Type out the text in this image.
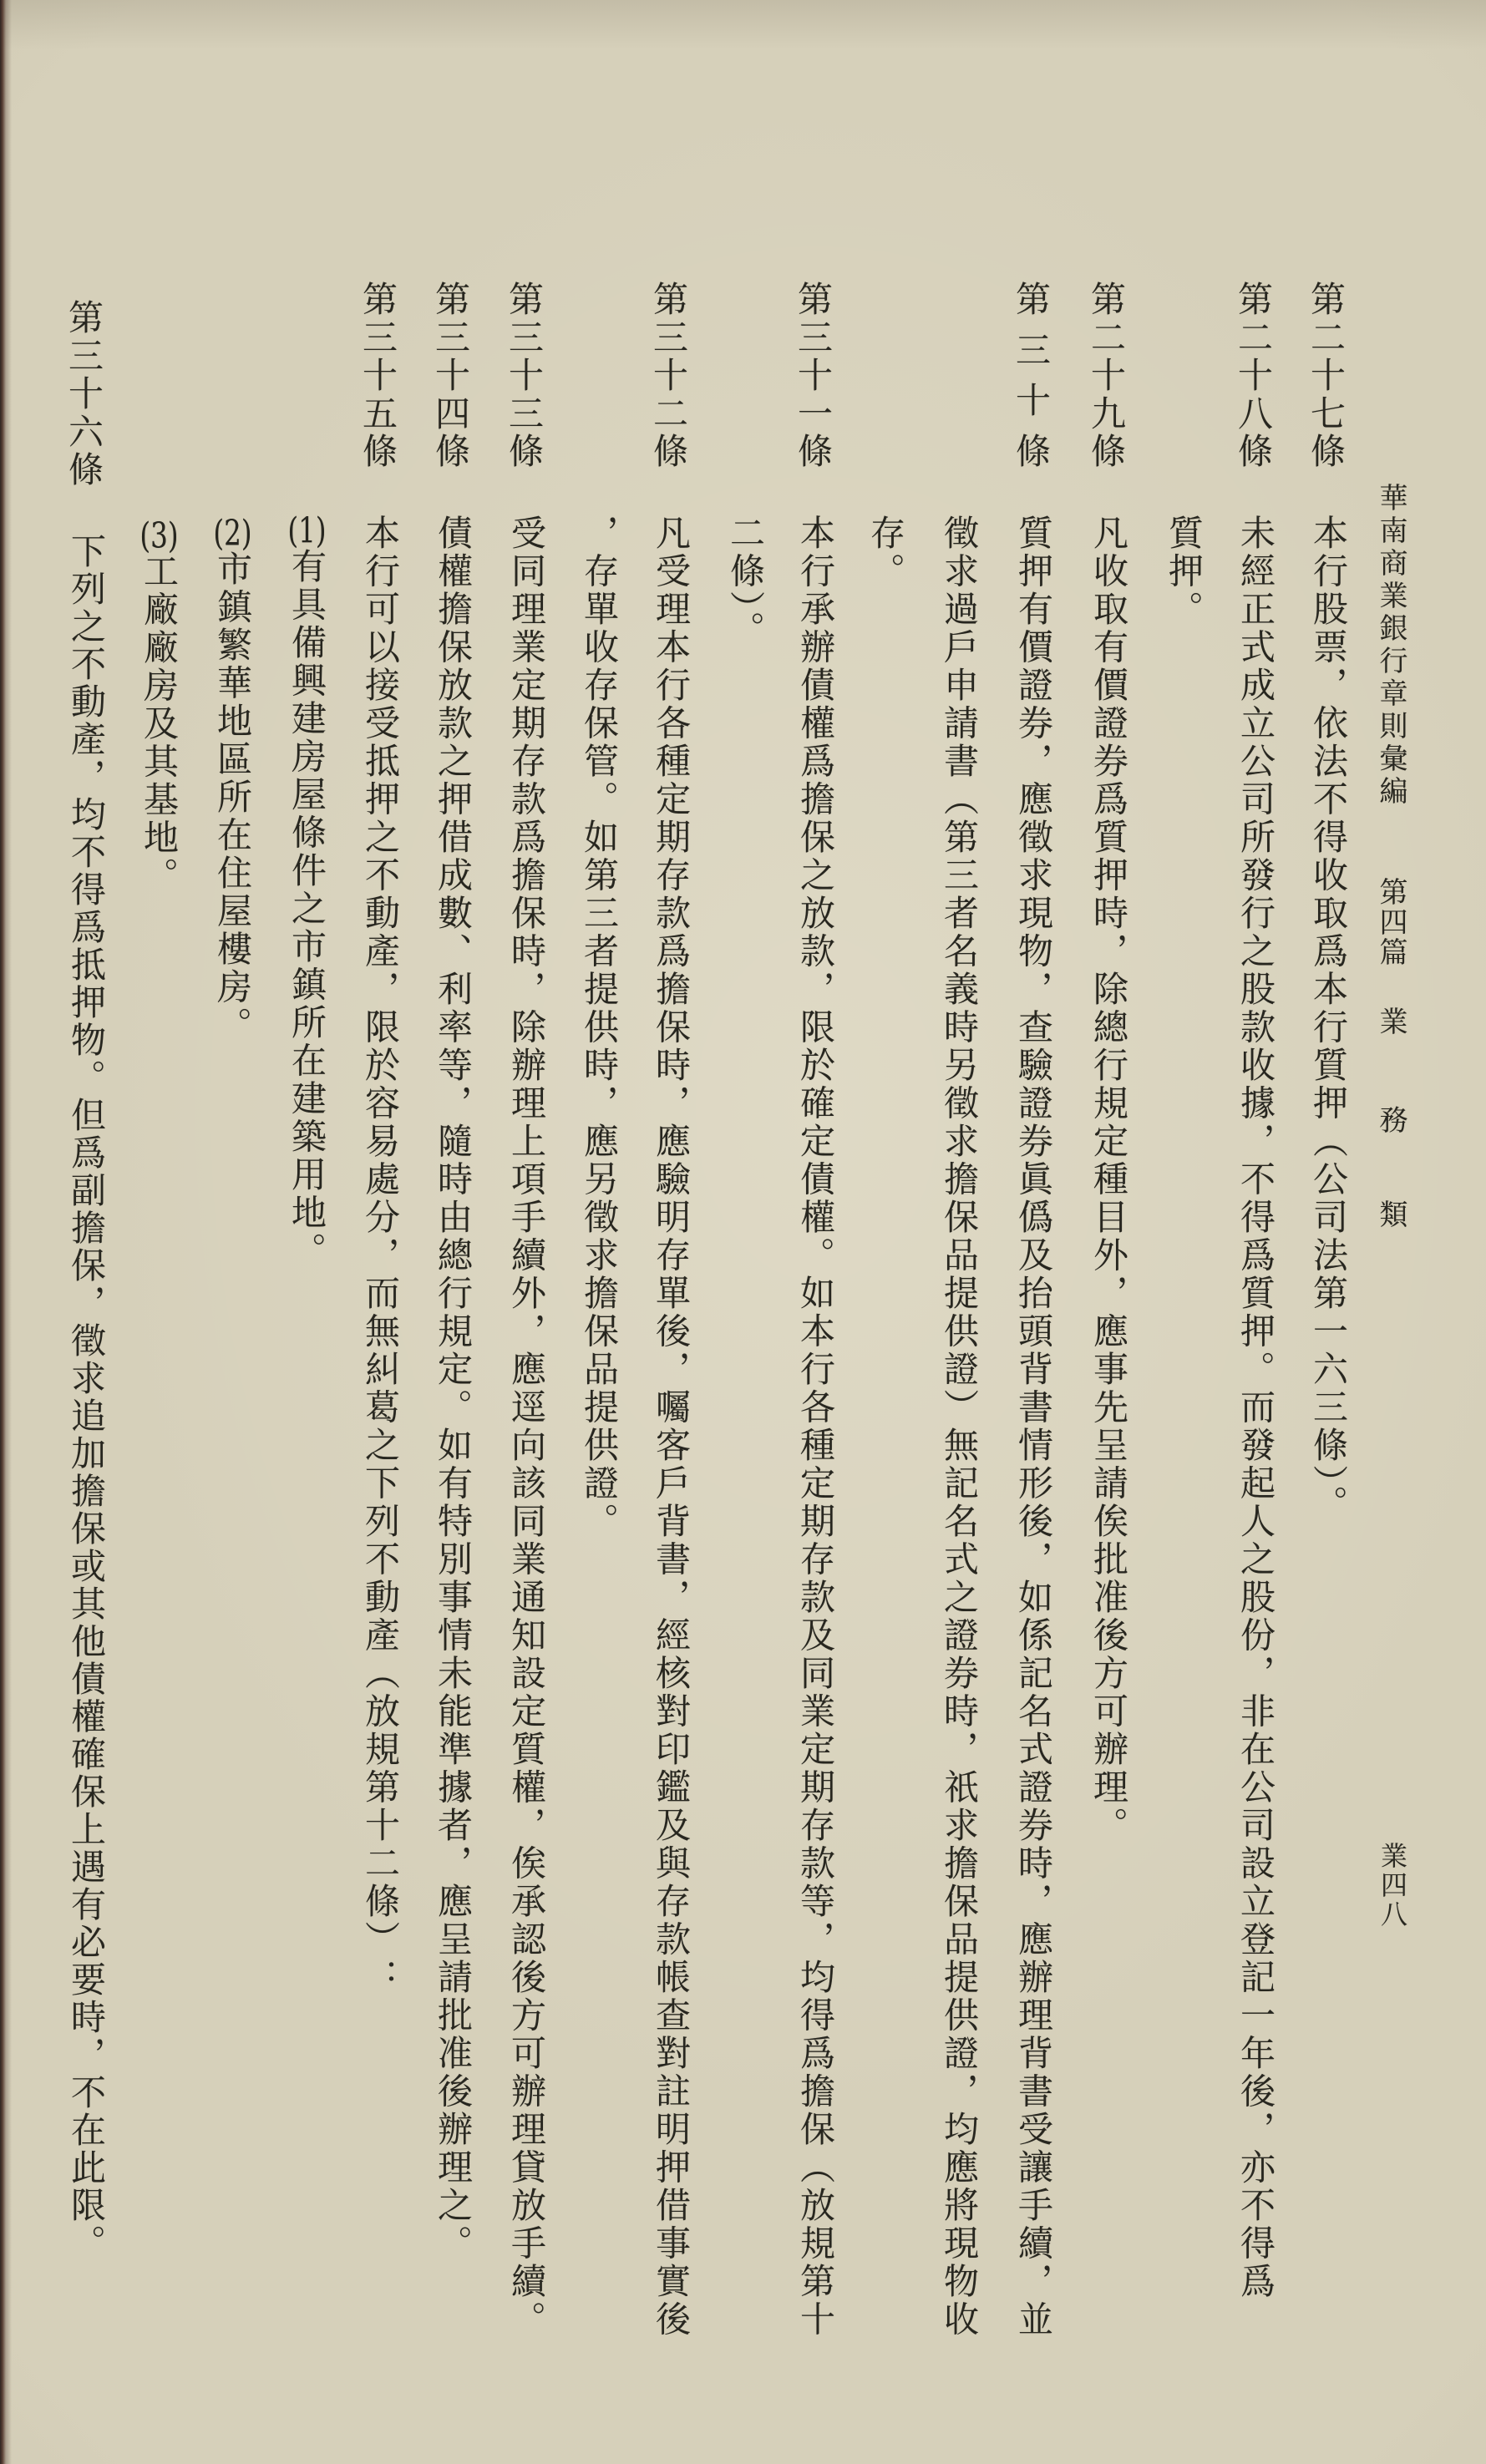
華南商業銀行章則彙編
第四篇
業
務
類
業四八
第
二
十
七
條
本行股票，依法不得收取爲本行質押（公司法第一六三條）。
第
二
十
八
條
未經正式成立公司所發行之股款收據，不得爲質押。而發起人之股份，非在公司設立登記一年後，亦不得爲
質押。
第
二
十
九
條
凡收取有價證券爲質押時，除總行規定種目外，應事先呈請俟批准後方可辦理。
第
三
十
條
質押有價證券，應徵求現物，查驗證券眞僞及抬頭背書情形後，如係記名式證券時，應辦理背書受讓手續，並
徵求過戶申請書（第三者名義時另徵求擔保品提供證）無記名式之證券時，祇求擔保品提供證，均應將現物收
存。
第
三
十
一
條
本行承辦債權爲擔保之放款，限於確定債權。如本行各種定期存款及同業定期存款等，均得爲擔保（放規第十
二條）。
第
三
十
二
條
凡受理本行各種定期存款爲擔保時，應驗明存單後，囑客戶背書，經核對印鑑及與存款帳查對註明押借事實後
，存單收存保管。如第三者提供時，應另徵求擔保品提供證。
第
三
十
三
條
受同理業定期存款爲擔保時，除辦理上項手續外，應逕向該同業通知設定質權，俟承認後方可辦理貸放手續。
第
三
十
四
條
債權擔保放款之押借成數、利率等，隨時由總行規定。如有特別事情未能準據者，應呈請批准後辦理之。
第
三
十
五
條
本行可以接受抵押之不動產，限於容易處分，而無糾葛之下列不動產（放規第十二條）：
(1)有具備興建房屋條件之市鎮所在建築用地。
(2)市鎮繁華地區所在住屋樓房。
(3)工廠廠房及其基地。
第
三
十
六
條
下列之不動產，均不得爲抵押物。但爲副擔保，徵求追加擔保或其他債權確保上遇有必要時，不在此限。
